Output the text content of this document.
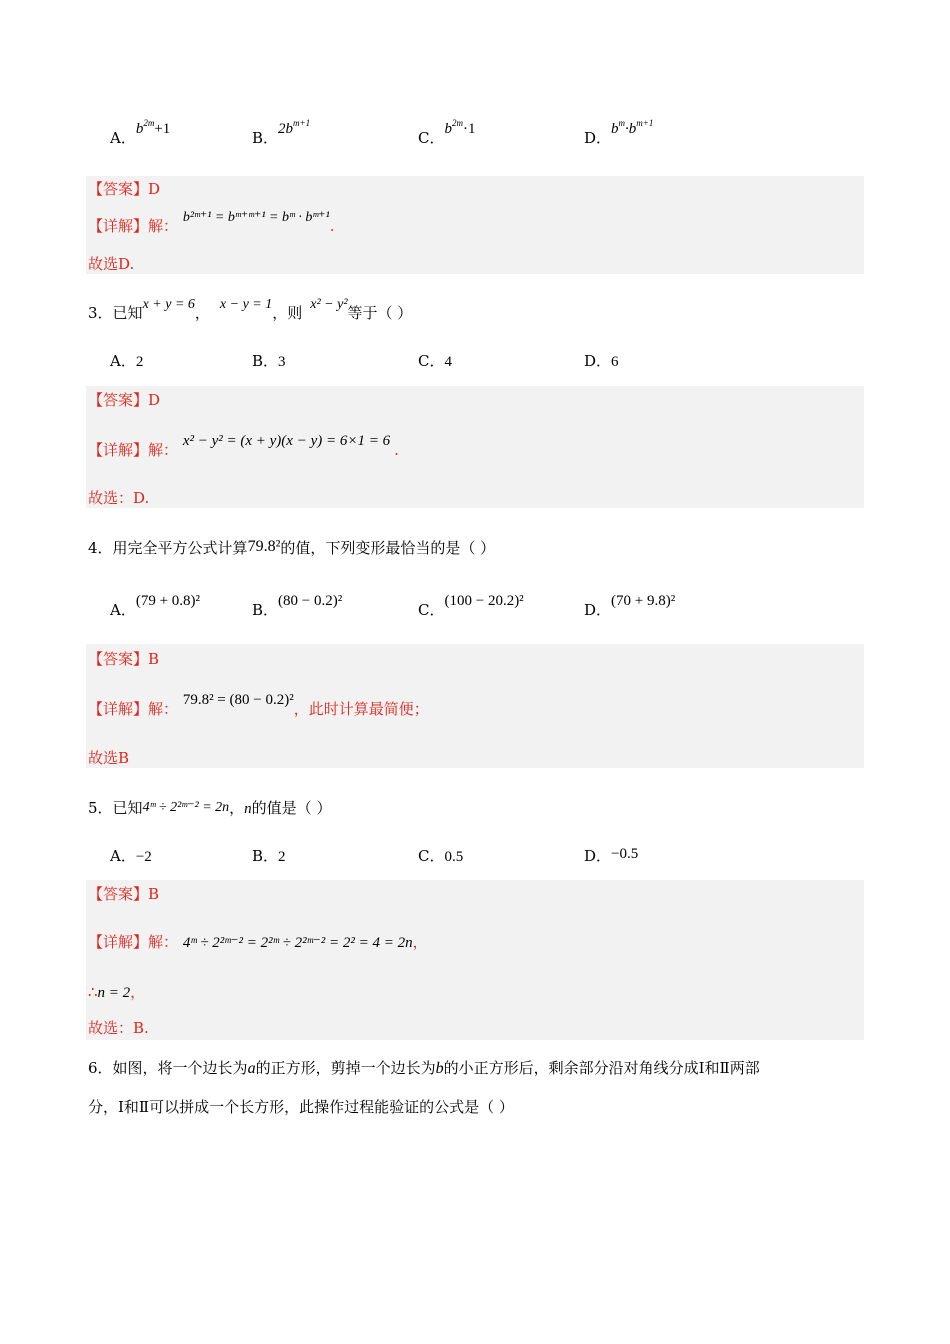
A．$b^{2m}+1$	B．$2b^{m+1}$
C．$b^{2m}\cdot 1$	D．$b^m\cdot b^{m+1}$
【答案】D
【详解】解： b²ᵐ⁺¹ = bᵐ⁺ᵐ⁺¹ = bᵐ · bᵐ⁺¹.
故选D.
3．已知x + y = 6， x − y = 1，则 x² − y²等于（ ）
A．2	B．3	C．4	D．6
【答案】D
【详解】解： x² − y² = (x + y)(x − y) = 6×1 = 6 .
故选：D.
4．用完全平方公式计算79.8²的值，下列变形最恰当的是（ ）
A．(79 + 0.8)²	B．(80 − 0.2)²	C．(100 − 20.2)²	D．(70 + 9.8)²
【答案】B
【详解】解： 79.8² = (80 − 0.2)²，此时计算最简便；
故选B
5．已知4ᵐ ÷ 2²ᵐ⁻² = 2n，n的值是（ ）
A．−2	B．2	C．0.5	D．−0.5
【答案】B
【详解】解： 4ᵐ ÷ 2²ᵐ⁻² = 2²ᵐ ÷ 2²ᵐ⁻² = 2² = 4 = 2n，
∴n = 2，
故选：B.
6．如图，将一个边长为a的正方形，剪掉一个边长为b的小正方形后，剩余部分沿对角线分成Ⅰ和Ⅱ两部
分，Ⅰ和Ⅱ可以拼成一个长方形，此操作过程能验证的公式是（ ）
